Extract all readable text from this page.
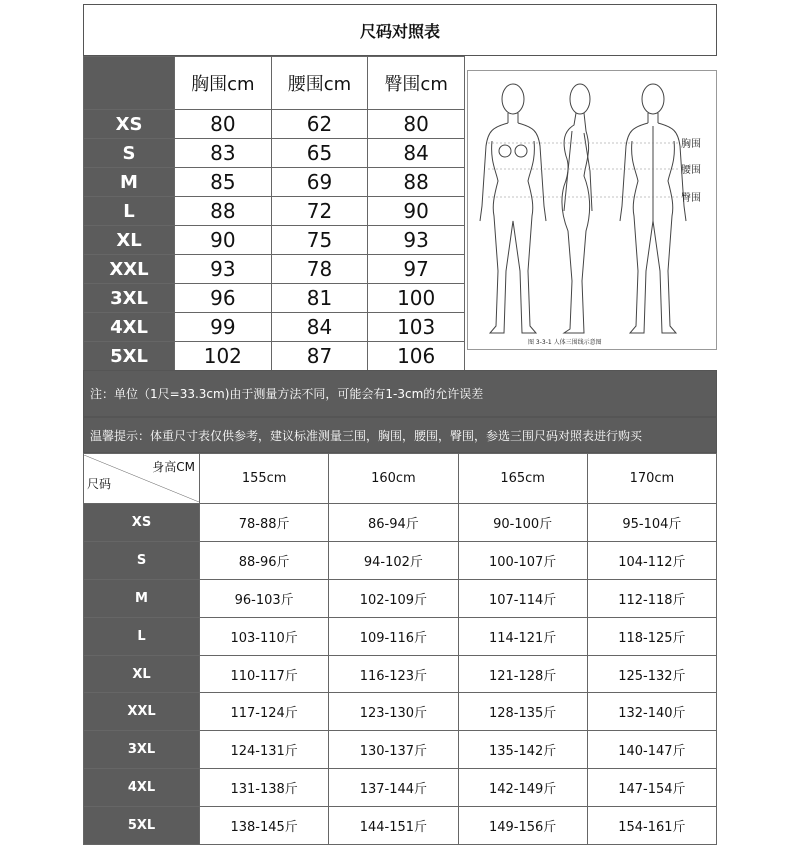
尺码对照表
	胸围cm	腰围cm	臀围cm
XS	80	62	80
S	83	65	84
M	85	69	88
L	88	72	90
XL	90	75	93
XXL	93	78	97
3XL	96	81	100
4XL	99	84	103
5XL	102	87	106
胸围
腰围
臀围
图 3-3-1 人体三围线示意图
注：单位（1尺=33.3cm)由于测量方法不同，可能会有1-3cm的允许误差
温馨提示：体重尺寸表仅供参考，建议标准测量三围，胸围，腰围，臀围，参选三围尺码对照表进行购买
身高CM
尺码	155cm	160cm	165cm	170cm
XS	78-88斤	86-94斤	90-100斤	95-104斤
S	88-96斤	94-102斤	100-107斤	104-112斤
M	96-103斤	102-109斤	107-114斤	112-118斤
L	103-110斤	109-116斤	114-121斤	118-125斤
XL	110-117斤	116-123斤	121-128斤	125-132斤
XXL	117-124斤	123-130斤	128-135斤	132-140斤
3XL	124-131斤	130-137斤	135-142斤	140-147斤
4XL	131-138斤	137-144斤	142-149斤	147-154斤
5XL	138-145斤	144-151斤	149-156斤	154-161斤
